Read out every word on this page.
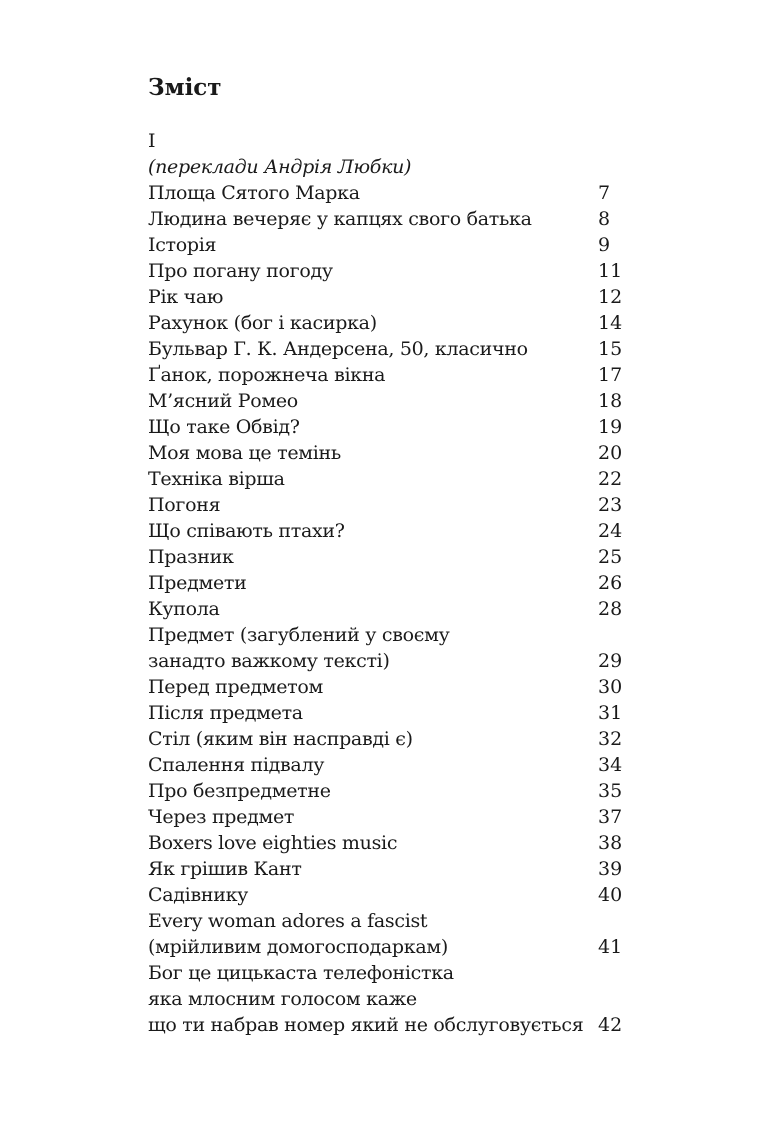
Зміст
I
(переклади Андрія Любки)
Площа Сятого Марка	7
Людина вечеряє у капцях свого батька	8
Історія	9
Про погану погоду	11
Рік чаю	12
Рахунок (бог і касирка)	14
Бульвар Г. К. Андерсена, 50, класично	15
Ґанок, порожнеча вікна	17
М’ясний Ромео	18
Що таке Обвід?	19
Моя мова це темінь	20
Техніка вірша	22
Погоня	23
Що співають птахи?	24
Празник	25
Предмети	26
Купола	28
Предмет (загублений у своєму
занадто важкому тексті)	29
Перед предметом	30
Після предмета	31
Стіл (яким він насправді є)	32
Спалення підвалу	34
Про безпредметне	35
Через предмет	37
Boxers love eighties music	38
Як грішив Кант	39
Садівнику	40
Every woman adores a fascist
(мрійливим домогосподаркам)	41
Бог це цицькаста телефоністка
яка млосним голосом каже
що ти набрав номер який не обслуговується 42
